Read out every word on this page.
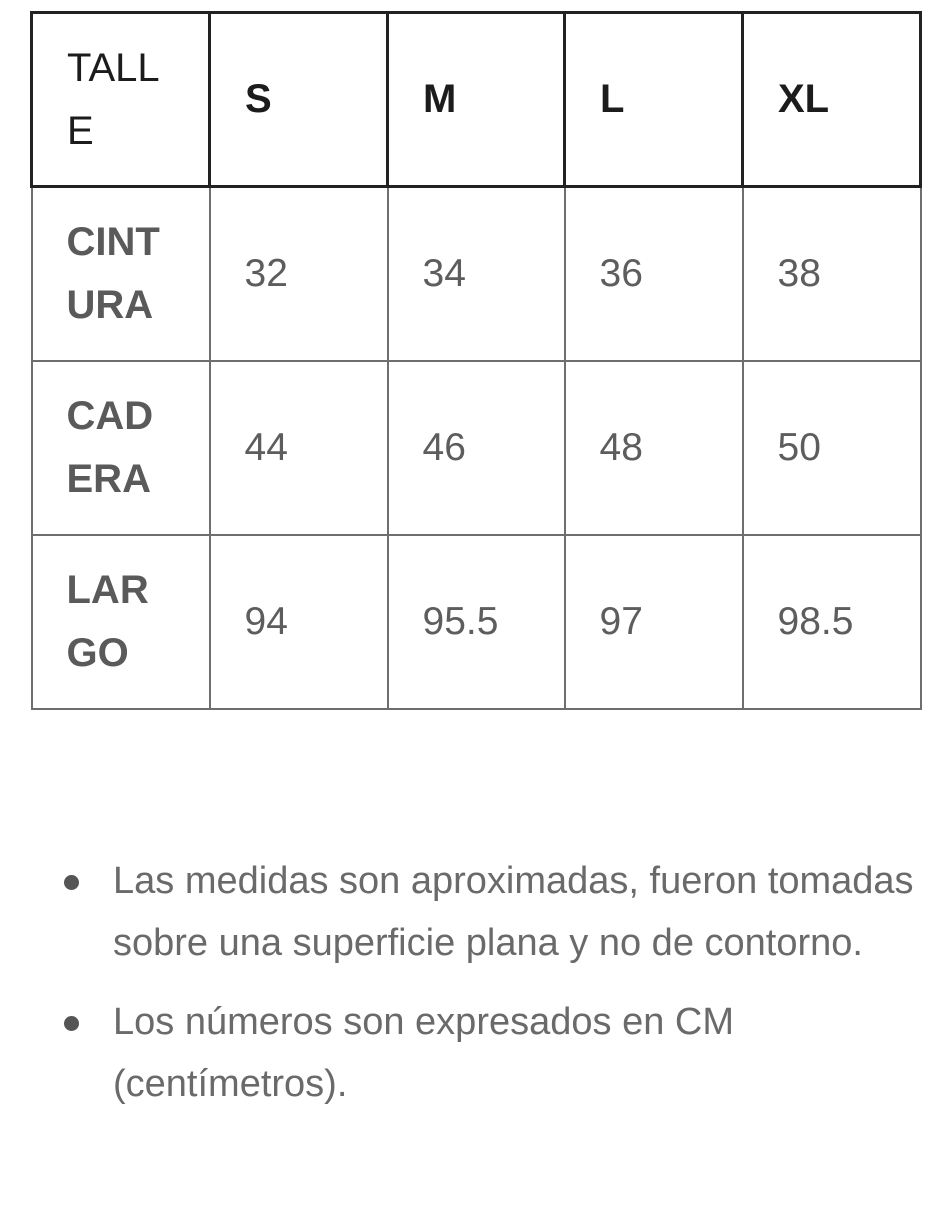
TALLE	S	M	L	XL
CINTURA	32	34	36	38
CADERA	44	46	48	50
LARGO	94	95.5	97	98.5
Las medidas son aproximadas, fueron tomadas sobre una superficie plana y no de contorno.
Los números son expresados en CM (centímetros).
